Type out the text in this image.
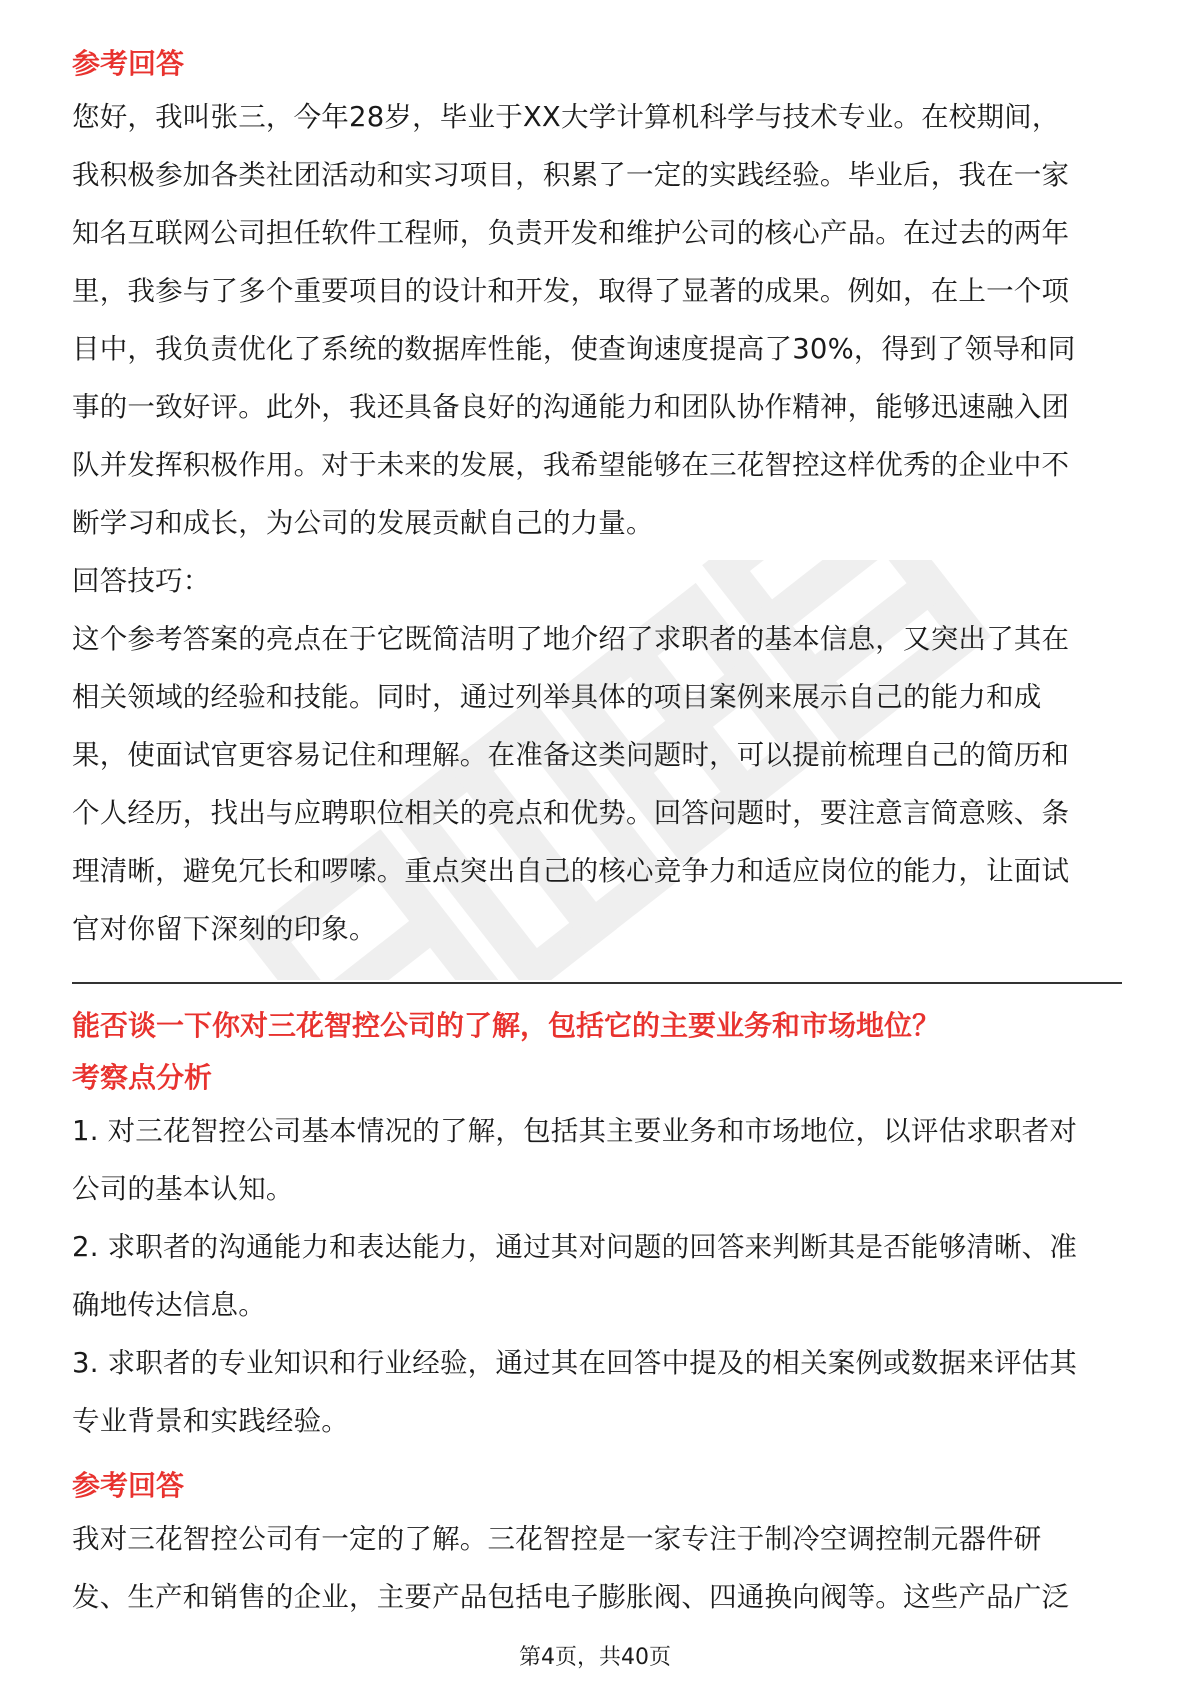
参考回答

您好，我叫张三，今年28岁，毕业于XX大学计算机科学与技术专业。在校期间，

我积极参加各类社团活动和实习项目，积累了一定的实践经验。毕业后，我在一家

知名互联网公司担任软件工程师，负责开发和维护公司的核心产品。在过去的两年

里，我参与了多个重要项目的设计和开发，取得了显著的成果。例如，在上一个项

目中，我负责优化了系统的数据库性能，使查询速度提高了30%，得到了领导和同

事的一致好评。此外，我还具备良好的沟通能力和团队协作精神，能够迅速融入团

队并发挥积极作用。对于未来的发展，我希望能够在三花智控这样优秀的企业中不

断学习和成长，为公司的发展贡献自己的力量。

回答技巧：

这个参考答案的亮点在于它既简洁明了地介绍了求职者的基本信息，又突出了其在

相关领域的经验和技能。同时，通过列举具体的项目案例来展示自己的能力和成

果，使面试官更容易记住和理解。在准备这类问题时，可以提前梳理自己的简历和

个人经历，找出与应聘职位相关的亮点和优势。回答问题时，要注意言简意赅、条

理清晰，避免冗长和啰嗦。重点突出自己的核心竞争力和适应岗位的能力，让面试

官对你留下深刻的印象。

能否谈一下你对三花智控公司的了解，包括它的主要业务和市场地位？

考察点分析

1. 对三花智控公司基本情况的了解，包括其主要业务和市场地位，以评估求职者对

公司的基本认知。

2. 求职者的沟通能力和表达能力，通过其对问题的回答来判断其是否能够清晰、准

确地传达信息。

3. 求职者的专业知识和行业经验，通过其在回答中提及的相关案例或数据来评估其

专业背景和实践经验。

参考回答

我对三花智控公司有一定的了解。三花智控是一家专注于制冷空调控制元器件研

发、生产和销售的企业，主要产品包括电子膨胀阀、四通换向阀等。这些产品广泛

第4页，共40页
